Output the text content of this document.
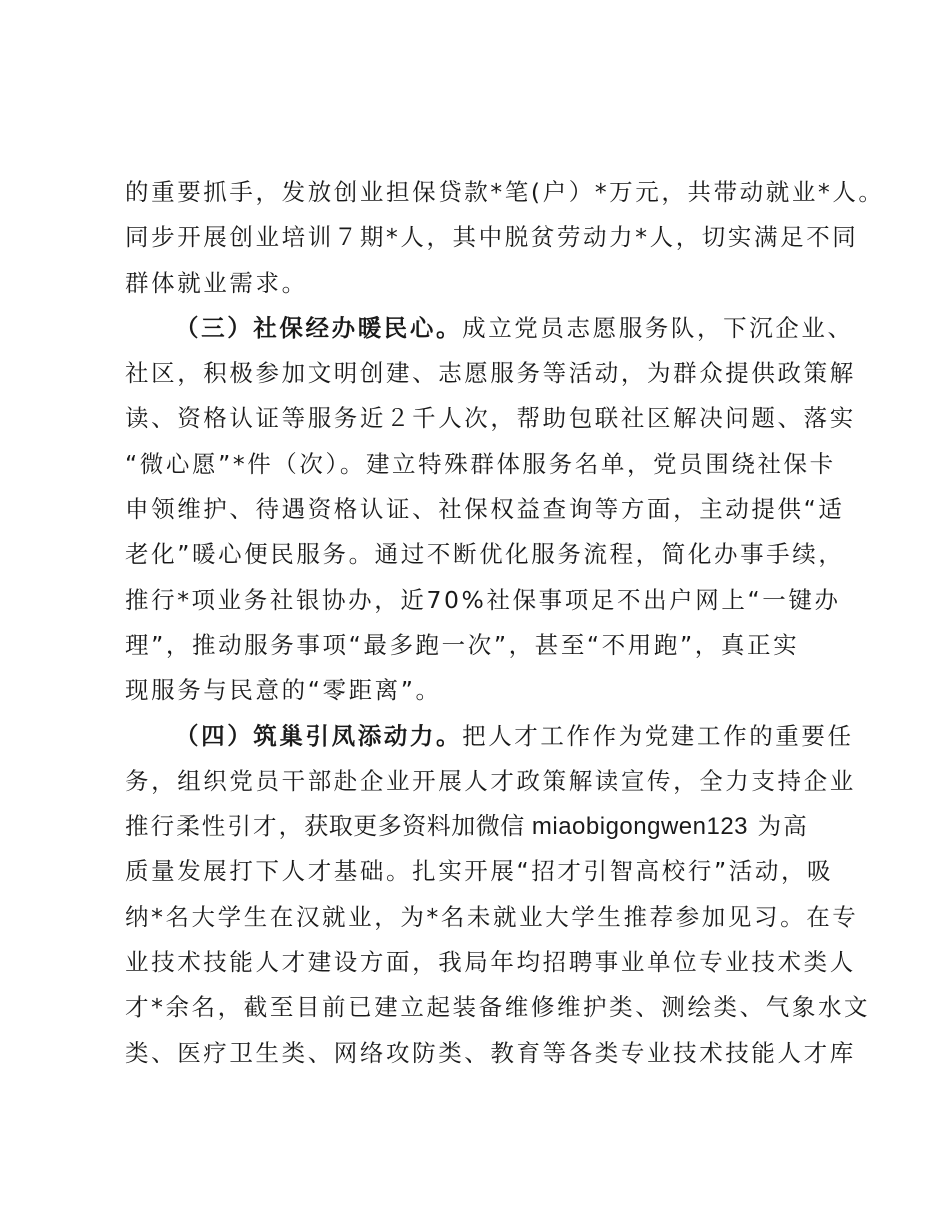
的重要抓手，发放创业担保贷款*笔(户）*万元，共带动就业*人。
同步开展创业培训７期*人，其中脱贫劳动力*人，切实满足不同
群体就业需求。
（三）社保经办暖民心。成立党员志愿服务队，下沉企业、
社区，积极参加文明创建、志愿服务等活动，为群众提供政策解
读、资格认证等服务近２千人次，帮助包联社区解决问题、落实
“微心愿”*件（次）。建立特殊群体服务名单，党员围绕社保卡
申领维护、待遇资格认证、社保权益查询等方面，主动提供“适
老化”暖心便民服务。通过不断优化服务流程，简化办事手续，
推行*项业务社银协办，近70%社保事项足不出户网上“一键办
理”，推动服务事项“最多跑一次”，甚至“不用跑”，真正实
现服务与民意的“零距离”。
（四）筑巢引凤添动力。把人才工作作为党建工作的重要任
务，组织党员干部赴企业开展人才政策解读宣传，全力支持企业
推行柔性引才，获取更多资料加微信 miaobigongwen123 为高
质量发展打下人才基础。扎实开展“招才引智高校行”活动，吸
纳*名大学生在汉就业，为*名未就业大学生推荐参加见习。在专
业技术技能人才建设方面，我局年均招聘事业单位专业技术类人
才*余名，截至目前已建立起装备维修维护类、测绘类、气象水文
类、医疗卫生类、网络攻防类、教育等各类专业技术技能人才库
